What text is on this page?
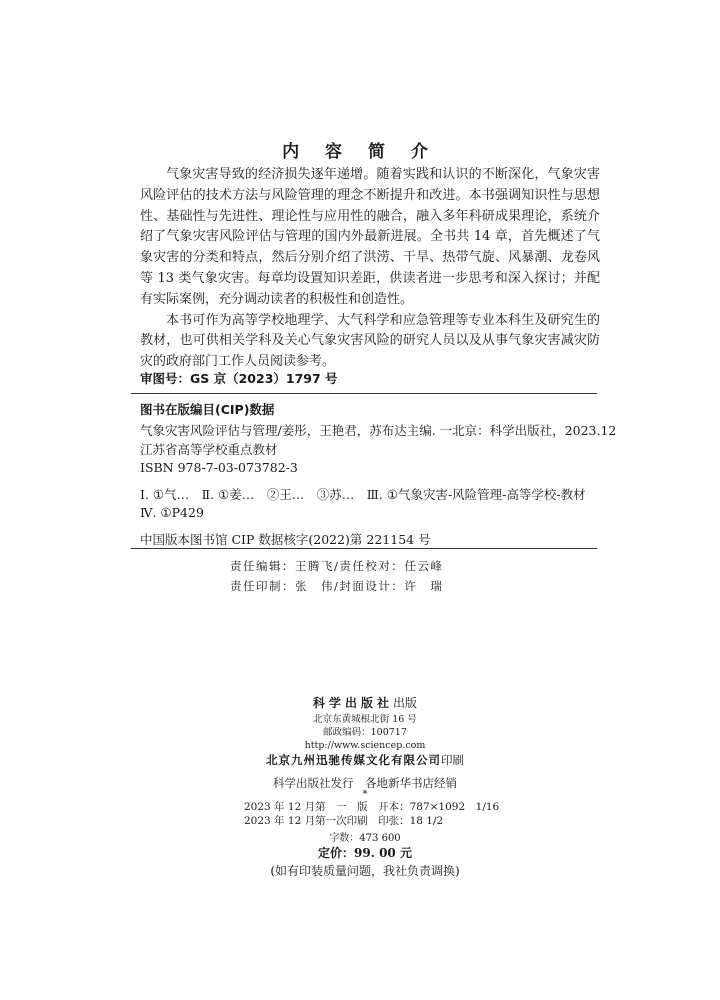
内 容 简 介

气象灾害导致的经济损失逐年递增。随着实践和认识的不断深化，气象灾害风险评估的技术方法与风险管理的理念不断提升和改进。本书强调知识性与思想性、基础性与先进性、理论性与应用性的融合，融入多年科研成果理论，系统介绍了气象灾害风险评估与管理的国内外最新进展。全书共 14 章，首先概述了气象灾害的分类和特点，然后分别介绍了洪涝、干旱、热带气旋、风暴潮、龙卷风等 13 类气象灾害。每章均设置知识差距，供读者进一步思考和深入探讨；并配有实际案例，充分调动读者的积极性和创造性。

本书可作为高等学校地理学、大气科学和应急管理等专业本科生及研究生的教材，也可供相关学科及关心气象灾害风险的研究人员以及从事气象灾害减灾防灾的政府部门工作人员阅读参考。

审图号：GS 京（2023）1797 号
图书在版编目(CIP)数据
气象灾害风险评估与管理/姜彤，王艳君，苏布达主编. 一北京：科学出版社，2023.12
江苏省高等学校重点教材
ISBN 978-7-03-073782-3
Ⅰ. ①气…　Ⅱ. ①姜…　②王…　③苏…　Ⅲ. ①气象灾害-风险管理-高等学校-教材
Ⅳ. ①P429
中国版本图书馆 CIP 数据核字(2022)第 221154 号
责任编辑：王腾飞/责任校对：任云峰
责任印制：张　伟/封面设计：许　瑞
科学出版社出版
北京东黄城根北街 16 号
邮政编码：100717
http://www.sciencep.com
北京九州迅驰传媒文化有限公司印刷
科学出版社发行　各地新华书店经销
*
2023 年 12 月第　一　版　开本：787×1092　1/16
2023 年 12 月第一次印刷　印张：18 1/2
字数：473 600
定价：99. 00 元
(如有印装质量问题，我社负责调换)
